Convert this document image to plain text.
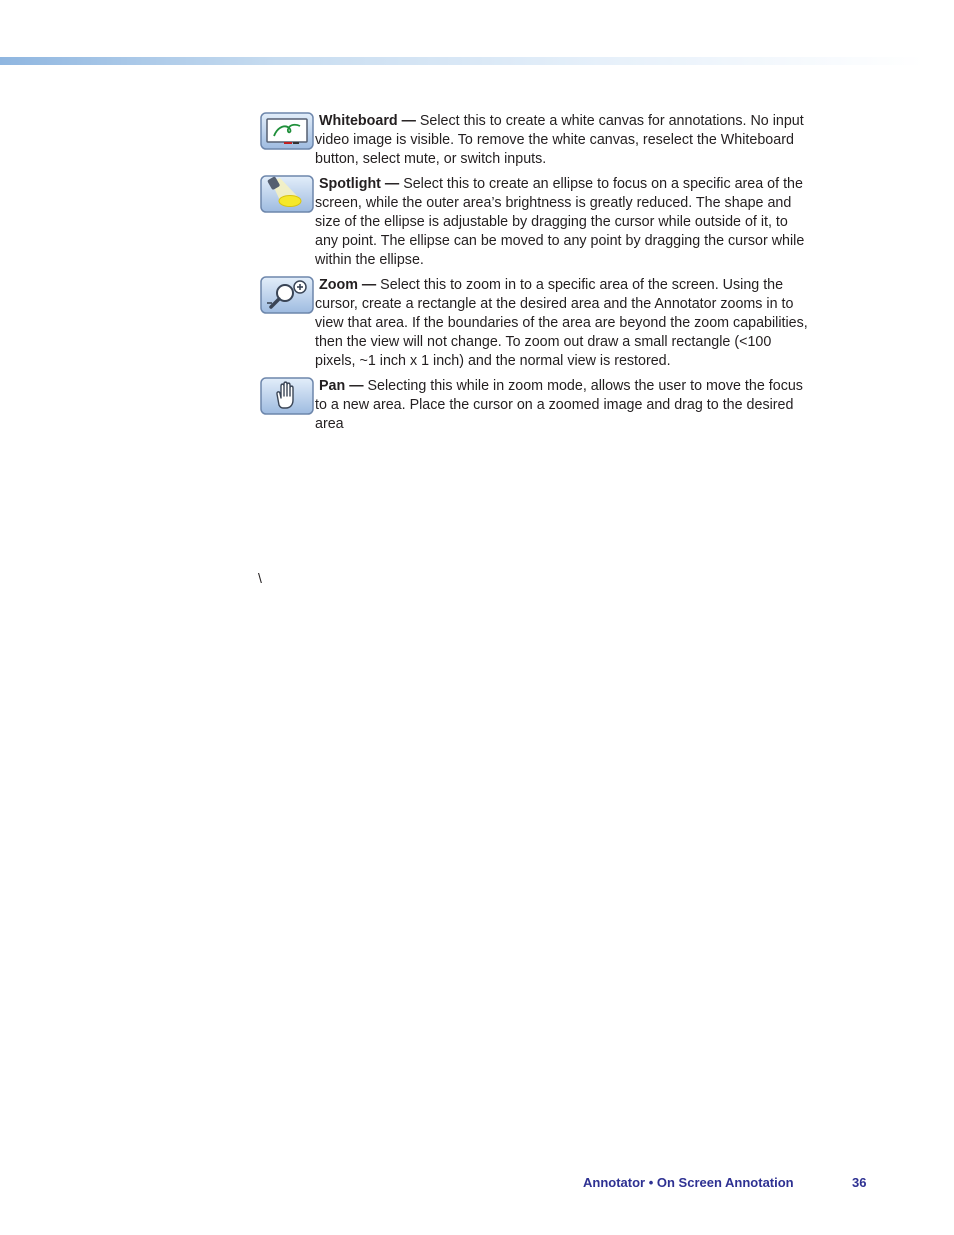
Whiteboard — Select this to create a white canvas for annotations. No input video image is visible. To remove the white canvas, reselect the Whiteboard button, select mute, or switch inputs.

Spotlight — Select this to create an ellipse to focus on a specific area of the screen, while the outer area’s brightness is greatly reduced. The shape and size of the ellipse is adjustable by dragging the cursor while outside of it, to any point. The ellipse can be moved to any point by dragging the cursor while within the ellipse.

Zoom — Select this to zoom in to a specific area of the screen. Using the cursor, create a rectangle at the desired area and the Annotator zooms in to view that area. If the boundaries of the area are beyond the zoom capabilities, then the view will not change. To zoom out draw a small rectangle (<100 pixels, ~1 inch x 1 inch) and the normal view is restored.

Pan — Selecting this while in zoom mode, allows the user to move the focus to a new area. Place the cursor on a zoomed image and drag to the desired area

\
Annotator • On Screen Annotation	36
